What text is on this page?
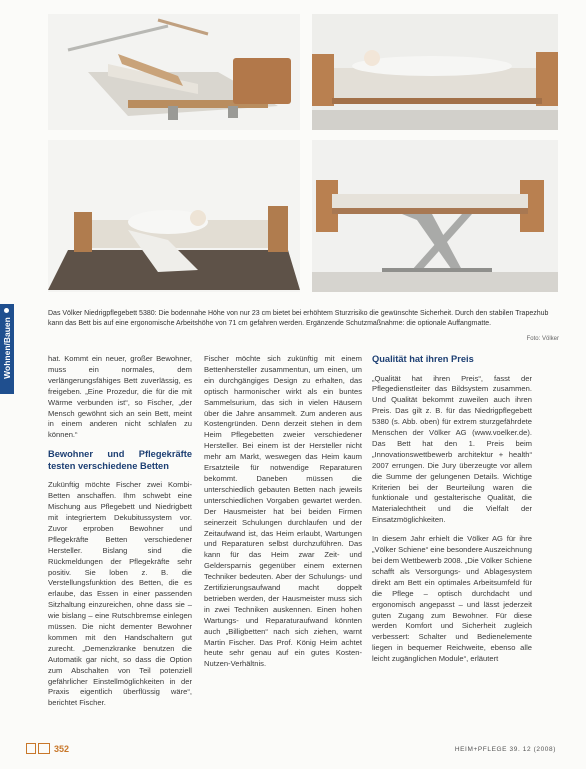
Wohnen/Bauen
Das Völker Niedrigpflegebett 5380: Die bodennahe Höhe von nur 23 cm bietet bei erhöhtem Sturzrisiko die gewünschte Sicherheit. Durch den stabilen Trapezhub kann das Bett bis auf eine ergonomische Arbeitshöhe von 71 cm gefahren werden. Ergänzende Schutzmaßnahme: die optionale Auffangmatte.
Foto: Völker

hat. Kommt ein neuer, großer Bewohner, muss ein normales, dem verlängerungsfähiges Bett zuverlässig, es freigeben. „Eine Prozedur, die für die mit Wärme verbunden ist“, so Fischer, „der Mensch gewöhnt sich an sein Bett, meint in einem anderen nicht schlafen zu können.“

Bewohner und Pflegekräfte testen verschiedene Betten

Zukünftig möchte Fischer zwei Kombi-Betten anschaffen. Ihm schwebt eine Mischung aus Pflegebett und Niedrigbett mit integriertem Dekubitussystem vor. Zuvor erproben Bewohner und Pflegekräfte Betten verschiedener Hersteller. Bislang sind die Rückmeldungen der Pflegekräfte sehr positiv. Sie loben z. B. die Verstellungsfunktion des Betten, die es erlaube, das Essen in einer passenden Sitzhaltung einzureichen, ohne dass sie – wie bislang – eine Rutschbremse einlegen müssen. Die nicht dementer Bewohner kommen mit den Handschaltern gut zurecht. „Demenzkranke benutzen die Automatik gar nicht, so dass die Option zum Abschalten von Teil potenziell gefährlicher Einstellmöglichkeiten in der Praxis eigentlich überflüssig wäre“, berichtet Fischer.

Fischer möchte sich zukünftig mit einem Bettenhersteller zusammentun, um einen, um ein durchgängiges Design zu erhalten, das optisch harmonischer wirkt als ein buntes Sammelsurium, das sich in vielen Häusern über die Jahre ansammelt. Zum anderen aus Kostengründen. Denn derzeit stehen in dem Heim Pflegebetten zweier verschiedener Hersteller. Bei einem ist der Hersteller nicht mehr am Markt, weswegen das Heim kaum Ersatzteile für notwendige Reparaturen bekommt. Daneben müssen die unterschiedlich gebauten Betten nach jeweils unterschiedlichen Vorgaben gewartet werden. Der Hausmeister hat bei beiden Firmen seinerzeit Schulungen durchlaufen und der Zeitaufwand ist, das Heim erlaubt, Wartungen und Reparaturen selbst durchzuführen. Das kann für das Heim zwar Zeit- und Geldersparnis gegenüber einem externen Techniker bedeuten. Aber der Schulungs- und Zertifizierungsaufwand macht doppelt betrieben werden, der Hausmeister muss sich in zwei Techniken auskennen. Einen hohen Wartungs- und Reparaturaufwand könnten auch „Billigbetten“ nach sich ziehen, warnt Martin Fischer. Das Prof. König Heim achtet heute sehr genau auf ein gutes Kosten-Nutzen-Verhältnis.

Qualität hat ihren Preis

„Qualität hat ihren Preis“, fasst der Pflegedienstleiter das Bildsystem zusammen. Und Qualität bekommt zuweilen auch ihren Preis. Das gilt z. B. für das Niedrigpflegebett 5380 (s. Abb. oben) für extrem sturzgefährdete Menschen der Völker AG (www.voelker.de). Das Bett hat den 1. Preis beim „Innovationswettbewerb architektur + health“ 2007 errungen. Die Jury überzeugte vor allem die Summe der gelungenen Details. Wichtige Kriterien bei der Beurteilung waren die funktionale und gestalterische Qualität, die Materialechtheit und die Vielfalt der Einsatzmöglichkeiten.

In diesem Jahr erhielt die Völker AG für ihre „Völker Schiene“ eine besondere Auszeichnung bei dem Wettbewerb 2008. „Die Völker Schiene schafft als Versorgungs- und Ablagesystem direkt am Bett ein optimales Arbeitsumfeld für die Pflege – optisch durchdacht und ergonomisch angepasst – und lässt jederzeit guten Zugang zum Bewohner. Für diese werden Komfort und Sicherheit zugleich verbessert: Schalter und Bedienelemente liegen in bequemer Reichweite, ebenso alle leicht zugänglichen Module“, erläutert

352	HEIM+PFLEGE 39. 12 (2008)
